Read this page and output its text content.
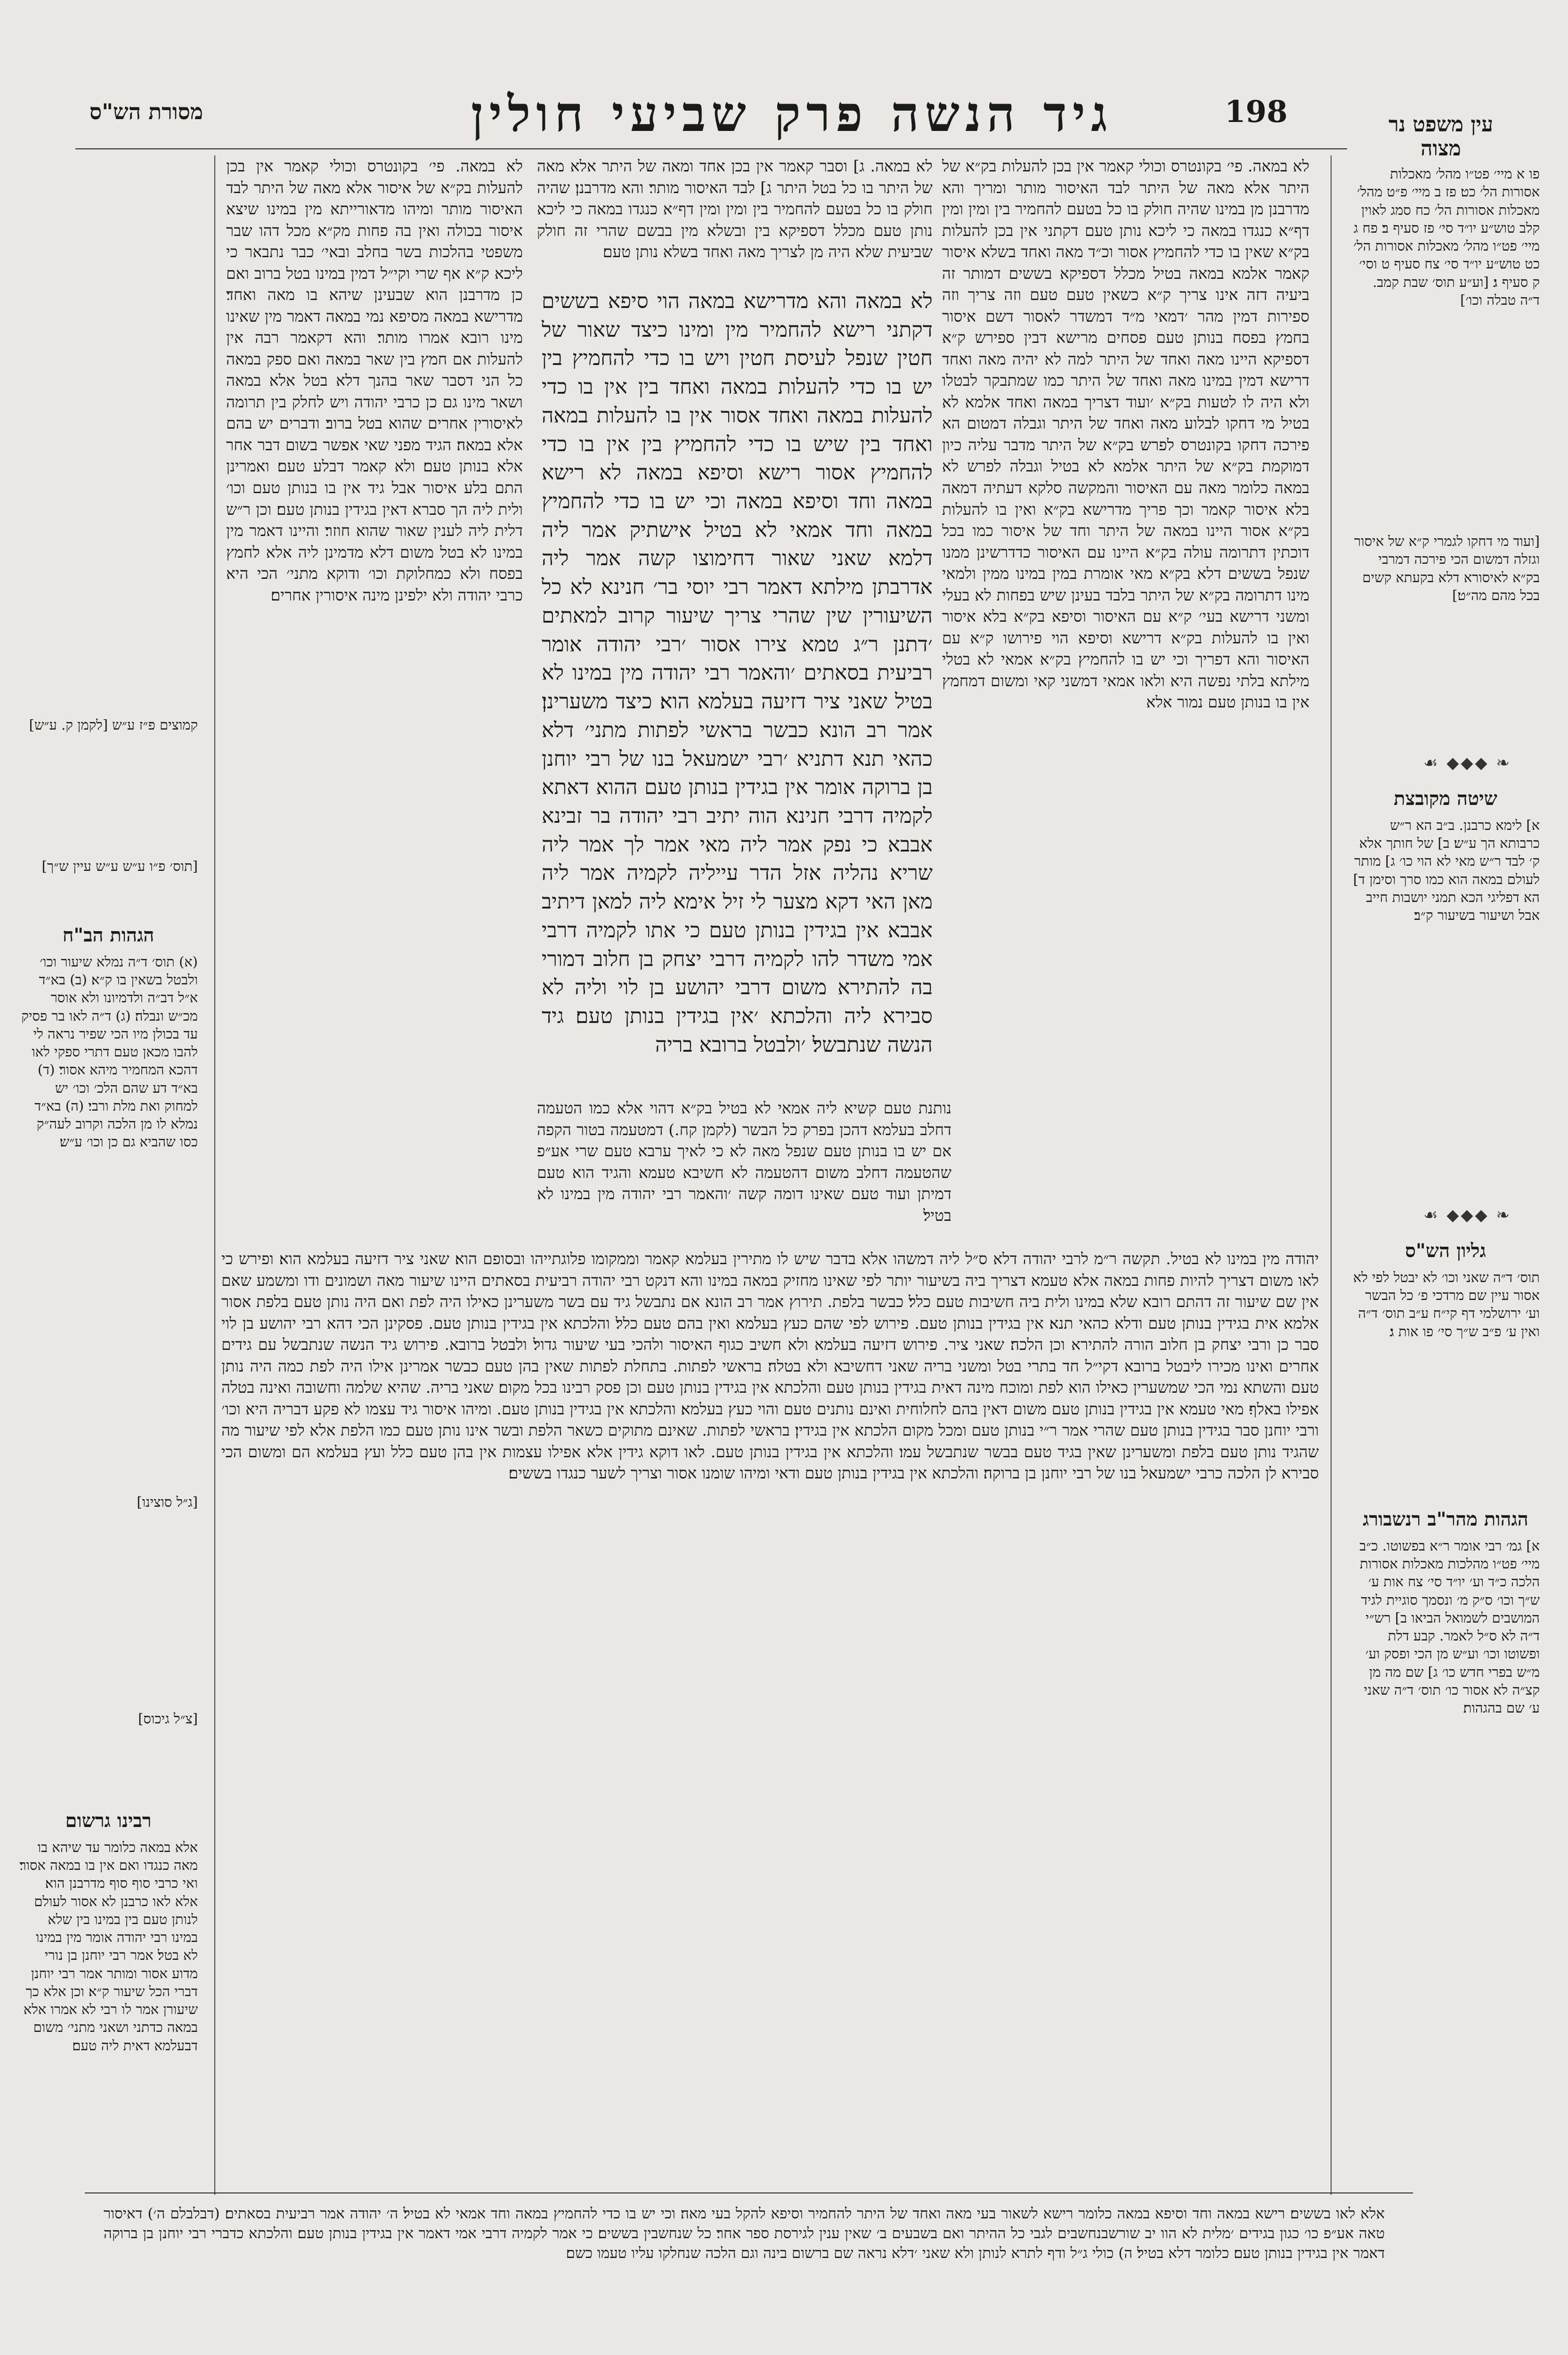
מסורת הש"ס	גיד הנשה פרק שביעי חולין	198	עין משפט נר מצוה
פו א מיי׳ פט״ו מהל׳ מאכלות אסורות הל׳ כט׃ פז ב מיי׳ פ״ט מהל׳ מאכלות אסורות הל׳ כח סמג לאוין קלב טוש״ע יו״ד סי׳ פז סעיף ב׃ פח ג מיי׳ פט״ו מהל׳ מאכלות אסורות הל׳ כט טוש״ע יו״ד סי׳ צח סעיף ט וסי׳ ק סעיף ג׃ [וע״ע תוס׳ שבת קמב. ד״ה טבלה וכו׳]
[ועוד מי דחקו לגמרי ק״א של איסור וגזלה דמשום הכי פירכה דמרבי בק״א לאיסורא דלא בקעתא קשים בכל מהם מה״ט׃]
❧ ◆◆◆ ☙
שיטה מקובצת
א] לימא כרבנן. ב״ב הא ר״ש כרבותא הך ע״ש׃ ב] של חותך אלא ק׳ לבד ר״ש מאי לא הוי כו׳ ג] מותר לעולם במאה הוא כמו סרך וסימן ד] הא דפליגי הכא תמני יושבות חייב אבל ושיעור בשיעור ק״ב׃
❧ ◆◆◆ ☙
גליון הש"ס
תוס׳ ד״ה שאני וכו׳ לא יבטל לפי לא אסור עיין שם מרדכי פ׳ כל הבשר וע׳ ירושלמי דף קי״ח ע״ב תוס׳ ד״ה ואין ע׳ פ״ב ש״ך סי׳ פו אות ג׃
הגהות מהר"ב רנשבורג
א] גמ׳ רבי אומר ר״א בפשוטו. כ״ב מיי׳ פט״ו מהלכות מאכלות אסורות הלכה כ״ד וע׳ יו״ד סי׳ צח אות ע׳ ש״ך וכו׳ ס״ק מ׳ ונסמך סוגיית לגיד המושבים לשמואל הביאו ב] רש״י ד״ה לא ס״ל לאמר. קבע דלת ופשוטו וכו׳ וע״ש מן הכי ופסק וע׳ מ״ש בפרי חדש כו׳ ג] שם מה מן קצ״ה לא אסור כו׳ תוס׳ ד״ה שאני ע׳ שם בהגהות׃
קמוצים פ״ז ע״ש [לקמן ק. ע״ש]
[תוס׳ פ״ו ע״ש ע״ש עיין ש״ך]
הגהות הב"ח
(א) תוס׳ ד״ה נמלא שיעור וכו׳ ולבטל בשאין בו ק״א׃ (ב) בא״ד א״ל דב״ה ולדמיונו ולא אוסר מכ״ש ונבלה׃ (ג) ד״ה לאו בר פסיק עד בכולן מיו הכי שפיר נראה לי להבו מכאן טעם דתרי ספקי לאו דהכא המחמיר מיהא אסור׃ (ד) בא״ד דע שהם הלכ׳ וכו׳ יש למחוק ואת מלת ורבי׃ (ה) בא״ד נמלא לו מן הלכה וקרוב לעה״ק כסו שהביא גם כן וכו׳ ע״ש׃
[ג״ל סוצינו]
[צ״ל גיכוס]
רבינו גרשום
אלא במאה כלומר עד שיהא בו מאה כנגדו ואם אין בו במאה אסור׃ ואי כרבי סוף סוף מדרבנן הוא׃ אלא לאו כרבנן לא אסור לעולם לנותן טעם בין במינו בין שלא במינו רבי יהודה אומר מין במינו לא בטל׃ אמר רבי יוחנן בן נורי מדוע אסור ומותר אמר רבי יוחנן דברי הכל שיעור ק״א׃ וכן אלא כך שיעורן אמר לו רבי לא אמרו אלא במאה כדתני ושאני מתני׳ משום דבעלמא דאית ליה טעם׃
לא במאה. פי׳ בקונטרס וכולי קאמר אין בכן להעלות בק״א של היתר אלא מאה של היתר לבד האיסור מותר ומריך והא מדרבנן מן במינו שהיה חולק בו כל בטעם להחמיר בין ומין ומין דף״א כנגדו במאה כי ליכא נותן טעם דקתני אין בכן להעלות בק״א שאין בו כדי להחמיץ אסור וכ״ד מאה ואחד בשלא איסור קאמר אלמא במאה בטיל מכלל דספיקא בששים דמותר זה ביעיה דזה אינו צריך ק״א כשאין טעם טעם וזה צריך וזה ספירות דמין מהר ׳דמאי מ״ד דמשדר לאסור דשם איסור בחמץ בפסח בנותן טעם פסחים מרישא דבין ספירש ק״א דספיקא היינו מאה ואחד של היתר למה לא יהיה מאה ואחד דרישא דמין במינו מאה ואחד של היתר כמו שמתבקר לבטלו ולא היה לו לטעות בק״א ׳ועוד דצריך במאה ואחד אלמא לא בטיל מי דחקו לבלוע מאה ואחד של היתר וגבלה דמטום הא פירכה דחקו בקונטרס לפרש בק״א של היתר מדבר עליה כיון דמוקמת בק״א של היתר אלמא לא בטיל וגבלה לפרש לא במאה כלומר מאה עם האיסור והמקשה סלקא דעתיה דמאה בלא איסור קאמר וכך פריך מדרישא בק״א ואין בו להעלות בק״א אסור היינו במאה של היתר וחד של איסור כמו בכל דוכתין דתרומה עולה בק״א היינו עם האיסור כדדרשינן ממנו שנפל בששים דלא בק״א מאי אומרת במין במינו ממין ולמאי מינו דתרומה בק״א של היתר בלבד בעינן שיש בפחות לא בעלי ומשני דרישא בעי׳ ק״א עם האיסור וסיפא בק״א בלא איסור ואין בו להעלות בק״א דרישא וסיפא הוי פירושו ק״א עם האיסור והא דפריך וכי יש בו להחמיץ בק״א אמאי לא בטלי מילתא בלתי נפשה היא ולאו אמאי דמשני קאי ומשום דמחמץ אין בו בנותן טעם נמור אלא
לא במאה. ג] וסבר קאמר אין בכן אחד ומאה של היתר אלא מאה של היתר בו כל בטל היתר ג] לבד האיסור מותר׃ והא מדרבנן׃ שהיה חולק בו כל בטעם להחמיר בין ומין ומין דף״א כנגדו במאה כי ליכא נותן טעם מכלל דספיקא בין ובשלא מין בבשם שהרי זה חולק שביעית שלא היה מן לצריך מאה ואחד בשלא נותן טעם׃
לא במאה והא מדרישא במאה הוי סיפא בששים דקתני רישא להחמיר מין ומינו כיצד שאור של חטין שנפל לעיסת חטין ויש בו כדי להחמיץ בין יש בו כדי להעלות במאה ואחד בין אין בו כדי להעלות במאה ואחד אסור אין בו להעלות במאה ואחד בין שיש בו כדי להחמיץ בין אין בו כדי להחמיץ אסור רישא וסיפא במאה לא רישא במאה וחד וסיפא במאה וכי יש בו כדי להחמיץ במאה וחד אמאי לא בטיל אישתיק אמר ליה דלמא שאני שאור דחימוצו קשה אמר ליה אדרבתן מילתא דאמר רבי יוסי בר׳ חנינא לא כל השיעורין שין שהרי צריך שיעור קרוב למאתים ׳דתנן ר״ג טמא צירו אסור ׳רבי יהודה אומר רביעית בסאתים ׳והאמר רבי יהודה מין במינו לא בטיל שאני ציר דזיעה בעלמא הוא׃ כיצד משערינן׃ אמר רב הונא כבשר בראשי לפתות מתני׳ דלא כהאי תנא דתניא ׳רבי ישמעאל בנו של רבי יוחנן בן ברוקה אומר אין בגידין בנותן טעם ההוא דאתא לקמיה דרבי חנינא הוה יתיב רבי יהודה בר זבינא אבבא כי נפק אמר ליה מאי אמר לך אמר ליה שריא נהליה אזל הדר עייליה לקמיה אמר ליה מאן האי דקא מצער לי זיל אימא ליה למאן דיתיב אבבא אין בגידין בנותן טעם כי אתו לקמיה דרבי אמי משדר להו לקמיה דרבי יצחק בן חלוב דמורי בה להתירא משום דרבי יהושע בן לוי וליה לא סבירא ליה והלכתא ׳אין בגידין בנותן טעם׃ גיד הנשה שנתבשל׃ ׳ולבטל ברובא בריה
לא במאה. פי׳ בקונטרס וכולי קאמר אין בכן להעלות בק״א של איסור אלא מאה של היתר לבד האיסור מותר ומיהו מדאורייתא מין במינו שיצא איסור בכולה ואין בה פחות מק״א מכל דהו שבר משפטי בהלכות בשר בחלב ובאי׳ כבר נתבאר כי ליכא ק״א אף שרי וקי״ל דמין במינו בטל ברוב ואם כן מדרבנן הוא שבעינן שיהא בו מאה ואחד׃ מדרישא במאה מסיפא נמי במאה דאמר מין שאינו מינו רובא אמרו מותר׃ והא דקאמר רבה אין להעלות אם חמץ בין שאר במאה ואם ספק במאה כל הני דסבר שאר בהנך דלא בטל אלא במאה ושאר מינו גם כן כרבי יהודה ויש לחלק בין תרומה לאיסורין אחרים שהוא בטל ברוב׃ ודברים יש בהם אלא במאה׃ הגיד מפני שאי אפשר בשום דבר אחר אלא בנותן טעם׃ ולא קאמר דבלע טעם׃ ואמרינן התם בלע איסור אבל גיד אין בו בנותן טעם וכו׳ ולית ליה הך סברא דאין בגידין בנותן טעם׃ וכן ר״ש דלית ליה לענין שאור שהוא חוזר׃ והיינו דאמר מין במינו לא בטל משום דלא מדמינן ליה אלא לחמץ בפסח ולא כמחלוקת וכו׳ ודוקא מתני׳ הכי היא כרבי יהודה ולא ילפינן מינה איסורין אחרים׃
נותנת טעם קשיא ליה אמאי לא בטיל בק״א דהוי אלא כמו הטעמה דחלב בעלמא דהכן בפרק כל הבשר (לקמן קח.) דמטעמה בטור הקפה אם יש בו בנותן טעם שנפל מאה לא כי לאיך ערבא טעם שרי אע״פ שהטעמה דחלב משום דהטעמה לא חשיבא טעמא והגיד הוא טעם דמיתן ועוד טעם שאינו דומה קשה ׳והאמר רבי יהודה מין במינו לא בטיל׃
יהודה מין במינו לא בטיל. תקשה ר״מ לרבי יהודה דלא ס״ל ליה דמשהו אלא בדבר שיש לו מתירין בעלמא קאמר וממקומו פלוגתייהו ובסופם הוא׃ שאני ציר דזיעה בעלמא הוא׃ ופירש כי לאו משום דצריך להיות פחות במאה אלא טעמא דצריך ביה בשיעור יותר לפי שאינו מחזיק במאה במינו והא דנקט רבי יהודה רביעית בסאתים היינו שיעור מאה ושמונים ודו ומשמע שאם אין שם שיעור זה דהתם רובא שלא במינו ולית ביה חשיבות טעם כלל׃ כבשר בלפת. תירוץ אמר רב הונא אם נתבשל גיד עם בשר משערינן כאילו היה לפת ואם היה נותן טעם בלפת אסור אלמא אית בגידין בנותן טעם ודלא כהאי תנא׃ אין בגידין בנותן טעם. פירוש לפי שהם כעץ בעלמא ואין בהם טעם כלל׃ והלכתא אין בגידין בנותן טעם. פסקינן הכי דהא רבי יהושע בן לוי סבר כן ורבי יצחק בן חלוב הורה להתירא וכן הלכה׃ שאני ציר. פירוש דזיעה בעלמא ולא חשיב כגוף האיסור ולהכי בעי שיעור גדול׃ ולבטל ברובא. פירוש גיד הנשה שנתבשל עם גידים אחרים ואינו מכירו ליבטל ברובא דקי״ל חד בתרי בטל ומשני בריה שאני דחשיבא ולא בטלה׃ בראשי לפתות. בתחלת לפתות שאין בהן טעם כבשר אמרינן אילו היה לפת כמה היה נותן טעם והשתא נמי הכי שמשערין כאילו הוא לפת ומוכח מינה דאית בגידין בנותן טעם והלכתא אין בגידין בנותן טעם וכן פסק רבינו בכל מקום׃ שאני בריה. שהיא שלמה וחשובה ואינה בטלה אפילו באלף׃ מאי טעמא אין בגידין בנותן טעם משום דאין בהם לחלוחית ואינם נותנים טעם והוי כעץ בעלמא׃ והלכתא אין בגידין בנותן טעם. ומיהו איסור גיד עצמו לא פקע דבריה היא וכו׳ ורבי יוחנן סבר בגידין בנותן טעם שהרי אמר ר״י בנותן טעם ומכל מקום הלכתא אין בגידין׃ בראשי לפתות. שאינם מתוקים כשאר הלפת ובשר אינו נותן טעם כמו הלפת אלא לפי שיעור מה שהגיד נותן טעם בלפת ומשערינן שאין בגיד טעם בבשר שנתבשל עמו׃ והלכתא אין בגידין בנותן טעם. לאו דוקא גידין אלא אפילו עצמות אין בהן טעם כלל ועץ בעלמא הם ומשום הכי סבירא לן הלכה כרבי ישמעאל בנו של רבי יוחנן בן ברוקה׃ והלכתא אין בגידין בנותן טעם ודאי ומיהו שומנו אסור וצריך לשער כנגדו בששים׃
אלא לאו בששים׃ רישא במאה וחד וסיפא במאה כלומר רישא לשאור בעי מאה ואחד של היתר להחמיר וסיפא להקל בעי מאה׃ וכי יש בו כדי להחמיץ במאה וחד אמאי לא בטיל׃ ה׳ יהודה אמר רביעית בסאתים׃ (דבלבלם ה׳) דאיסור טאה אע״פ כו׳ כגון בגידים ׳מלית לא הוו יב שורשבנחשבים לגבי כל ההיתר ואם בשבעים ב׳ שאין ענין לגירסת ספר אחר׃ כל שנחשבין בששים׃ כי אמר לקמיה דרבי אמי דאמר אין בגידין בנותן טעם׃ והלכתא כדברי רבי יוחנן בן ברוקה דאמר אין בגידין בנותן טעם׃ כלומר דלא בטיל׃ ה) כולי ג״ל ודף לתרא לנותן ולא שאני ׳דלא נראה שם ברשום בינה וגם הלכה שנחלקו עליו טעמו כשם׃
